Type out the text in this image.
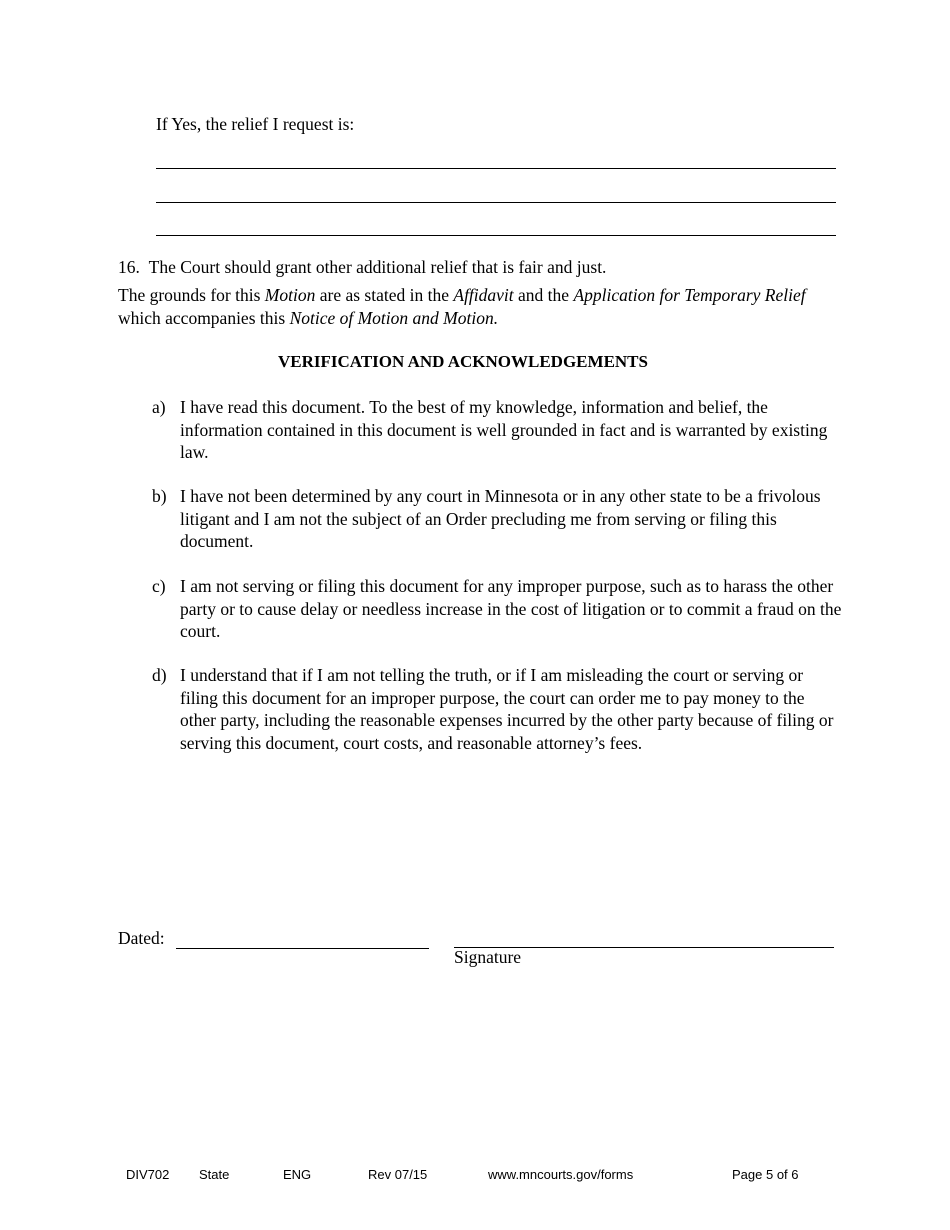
If Yes, the relief I request is:
16. The Court should grant other additional relief that is fair and just.
The grounds for this Motion are as stated in the Affidavit and the Application for Temporary Relief which accompanies this Notice of Motion and Motion.
VERIFICATION AND ACKNOWLEDGEMENTS
a) I have read this document. To the best of my knowledge, information and belief, the information contained in this document is well grounded in fact and is warranted by existing law.
b) I have not been determined by any court in Minnesota or in any other state to be a frivolous litigant and I am not the subject of an Order precluding me from serving or filing this document.
c) I am not serving or filing this document for any improper purpose, such as to harass the other party or to cause delay or needless increase in the cost of litigation or to commit a fraud on the court.
d) I understand that if I am not telling the truth, or if I am misleading the court or serving or filing this document for an improper purpose, the court can order me to pay money to the other party, including the reasonable expenses incurred by the other party because of filing or serving this document, court costs, and reasonable attorney’s fees.
Dated:
Signature
DIV702 State	ENG	Rev 07/15	www.mncourts.gov/forms	Page 5 of 6
